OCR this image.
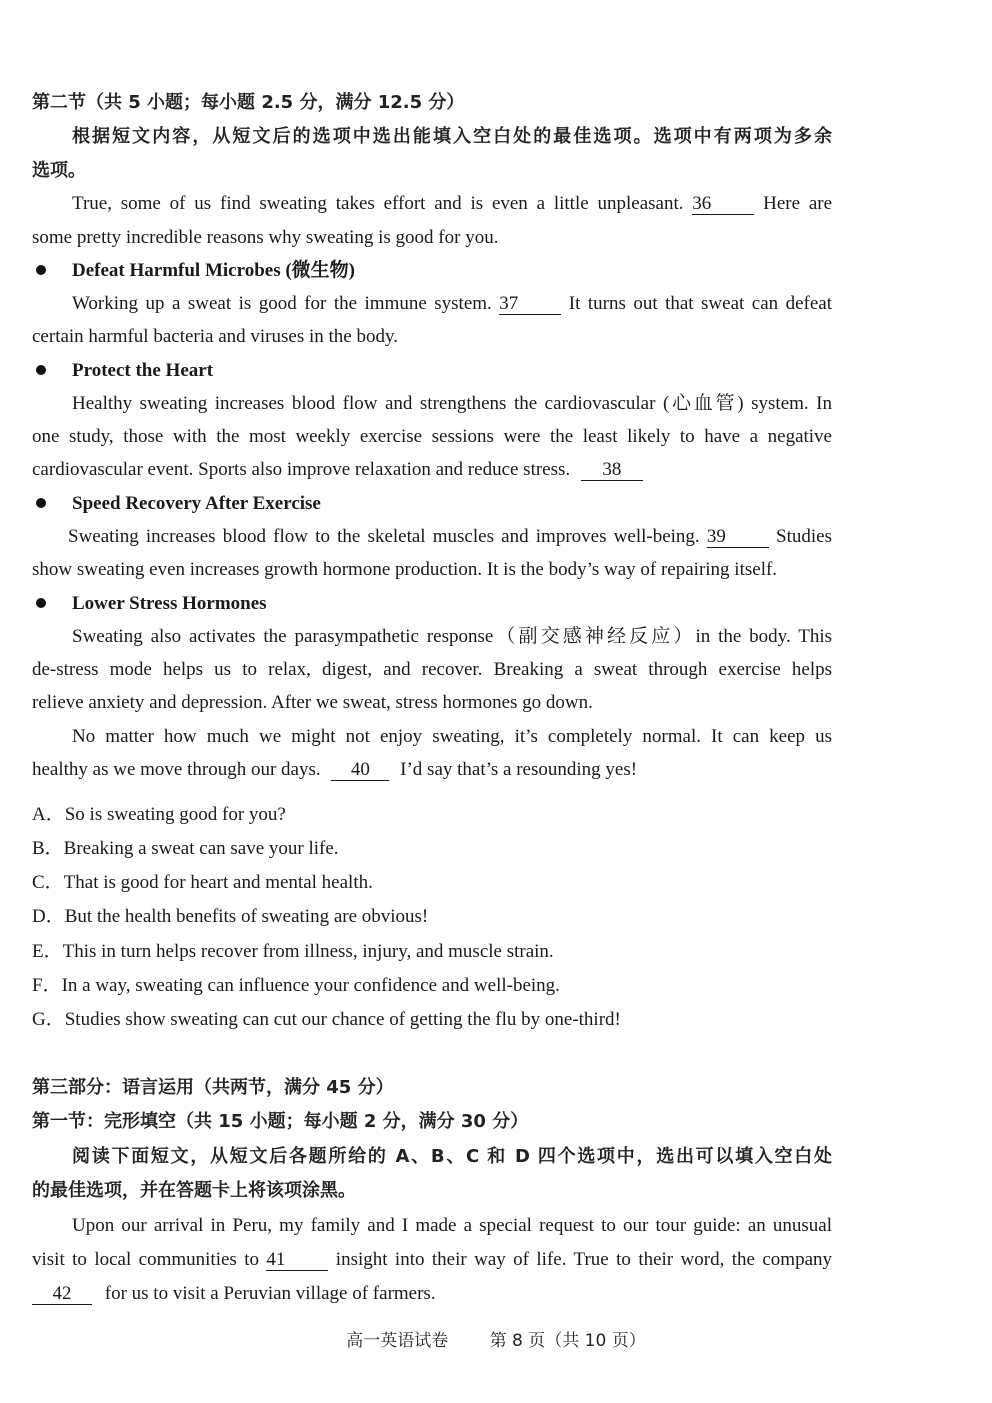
第二节（共 5 小题；每小题 2.5 分，满分 12.5 分）
根据短文内容，从短文后的选项中选出能填入空白处的最佳选项。选项中有两项为多余
选项。
True, some of us find sweating takes effort and is even a little unpleasant. 36	Here are
some pretty incredible reasons why sweating is good for you.
Defeat Harmful Microbes (微生物)
Working up a sweat is good for the immune system. 37	It turns out that sweat can defeat
certain harmful bacteria and viruses in the body.
Protect the Heart
Healthy sweating increases blood flow and strengthens the cardiovascular (心血管) system. In
one study, those with the most weekly exercise sessions were the least likely to have a negative
cardiovascular event. Sports also improve relaxation and reduce stress. 38
Speed Recovery After Exercise
Sweating increases blood flow to the skeletal muscles and improves well-being. 39	Studies
show sweating even increases growth hormone production. It is the body’s way of repairing itself.
Lower Stress Hormones
Sweating also activates the parasympathetic response（副交感神经反应）in the body. This
de-stress mode helps us to relax, digest, and recover. Breaking a sweat through exercise helps
relieve anxiety and depression. After we sweat, stress hormones go down.
No matter how much we might not enjoy sweating, it’s completely normal. It can keep us
healthy as we move through our days. 40 I’d say that’s a resounding yes!
A．So is sweating good for you?
B．Breaking a sweat can save your life.
C．That is good for heart and mental health.
D．But the health benefits of sweating are obvious!
E．This in turn helps recover from illness, injury, and muscle strain.
F．In a way, sweating can influence your confidence and well-being.
G．Studies show sweating can cut our chance of getting the flu by one-third!
第三部分：语言运用（共两节，满分 45 分）
第一节：完形填空（共 15 小题；每小题 2 分，满分 30 分）
阅读下面短文，从短文后各题所给的 A、B、C 和 D 四个选项中，选出可以填入空白处
的最佳选项，并在答题卡上将该项涂黑。
Upon our arrival in Peru, my family and I made a special request to our tour guide: an unusual
visit to local communities to 41	insight into their way of life. True to their word, the company
42 for us to visit a Peruvian village of farmers.
高一英语试卷 第 8 页（共 10 页）
